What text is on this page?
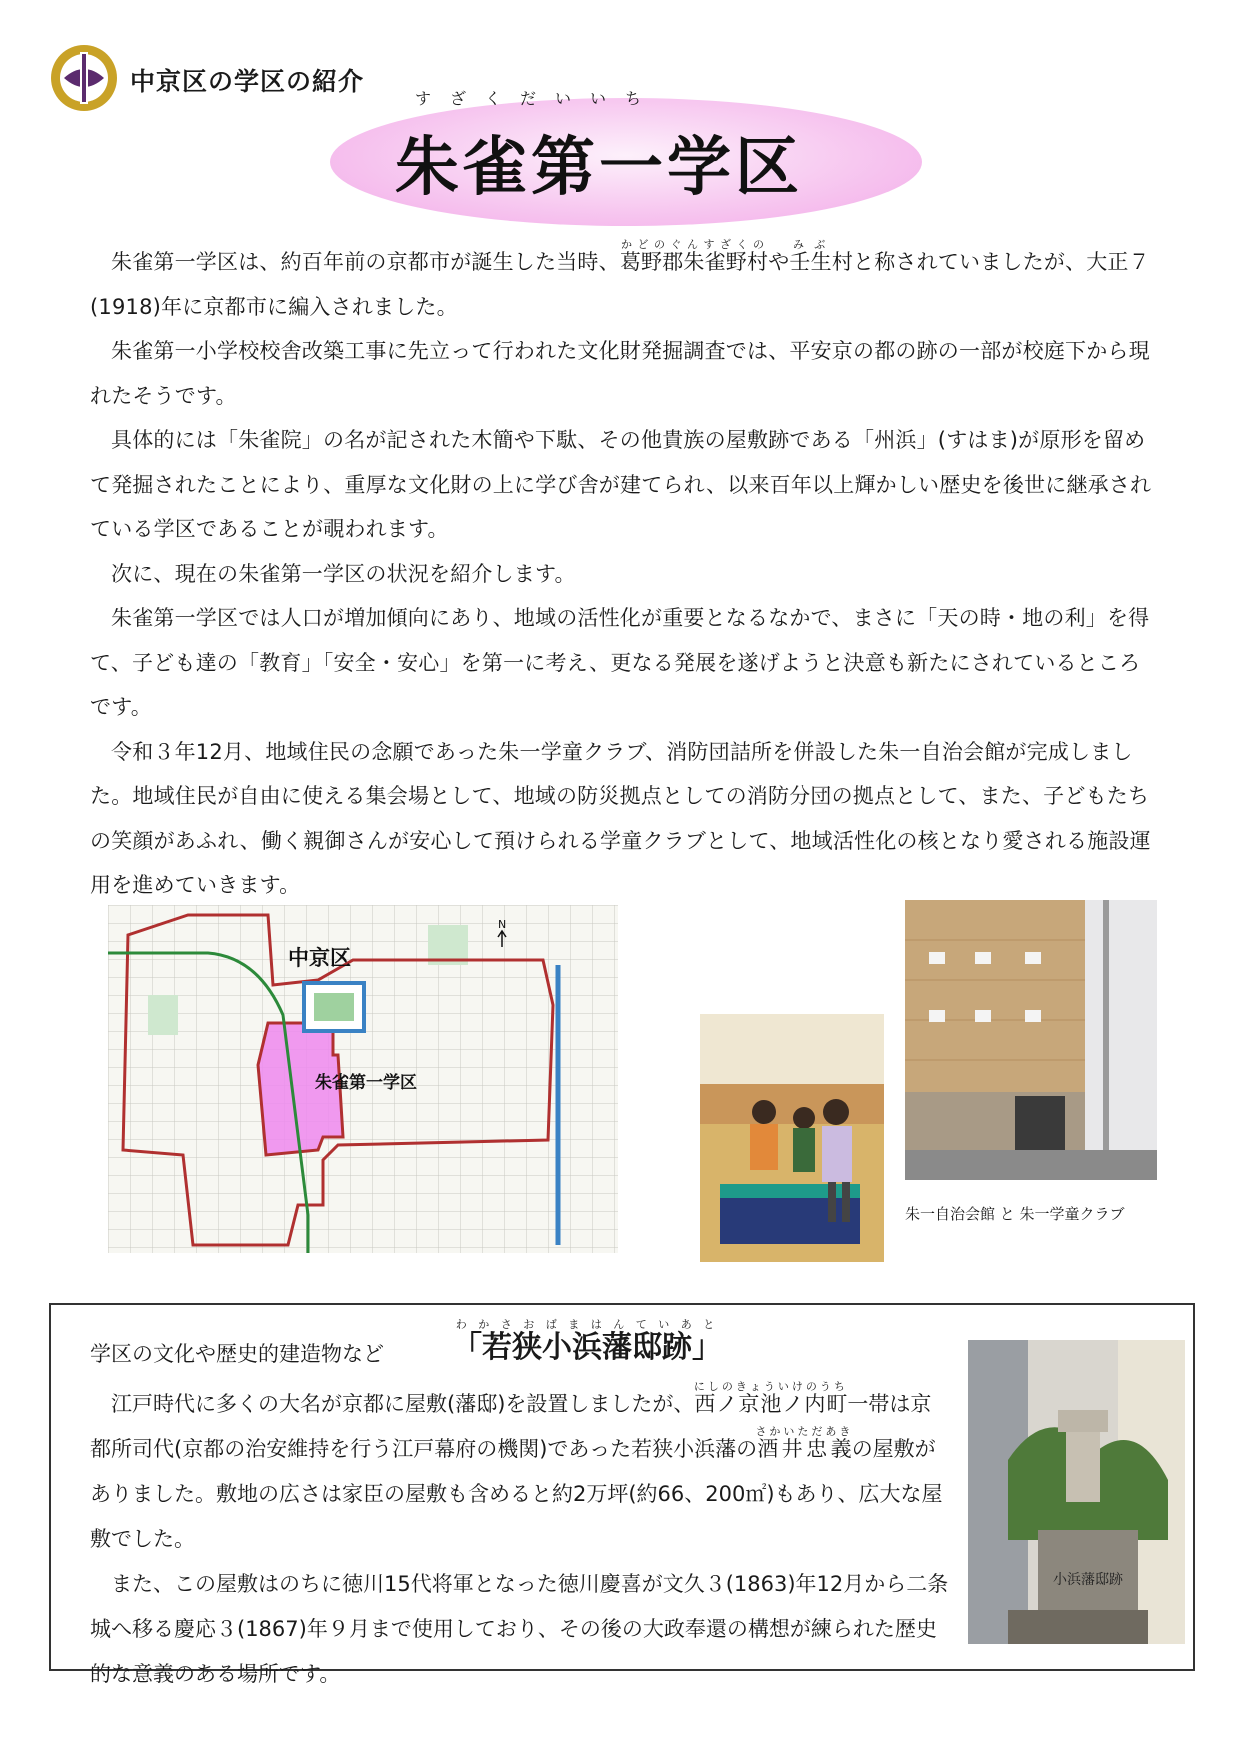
中京区の学区の紹介
すざくだいいち
朱雀第一学区

朱雀第一学区は、約百年前の京都市が誕生した当時、葛野郡朱雀野村かどのぐんすざくのや壬生みぶ村と称されていましたが、大正７(1918)年に京都市に編入されました。

朱雀第一小学校校舎改築工事に先立って行われた文化財発掘調査では、平安京の都の跡の一部が校庭下から現れたそうです。

具体的には「朱雀院」の名が記された木簡や下駄、その他貴族の屋敷跡である「州浜」(すはま)が原形を留めて発掘されたことにより、重厚な文化財の上に学び舎が建てられ、以来百年以上輝かしい歴史を後世に継承されている学区であることが覗われます。

次に、現在の朱雀第一学区の状況を紹介します。

朱雀第一学区では人口が増加傾向にあり、地域の活性化が重要となるなかで、まさに「天の時・地の利」を得て、子ども達の「教育」「安全・安心」を第一に考え、更なる発展を遂げようと決意も新たにされているところです。

令和３年12月、地域住民の念願であった朱一学童クラブ、消防団詰所を併設した朱一自治会館が完成しました。地域住民が自由に使える集会場として、地域の防災拠点としての消防分団の拠点として、また、子どもたちの笑顔があふれ、働く親御さんが安心して預けられる学童クラブとして、地域活性化の核となり愛される施設運用を進めていきます。

中京区
朱雀第一学区
N
朱一自治会館 と 朱一学童クラブ
学区の文化や歴史的建造物など 「若狭小浜藩邸跡」わかさおばまはんていあと

江戸時代に多くの大名が京都に屋敷(藩邸)を設置しましたが、西ノ京池ノ内町にしのきょういけのうち一帯は京都所司代(京都の治安維持を行う江戸幕府の機関)であった若狭小浜藩の酒井忠義さかいただあきの屋敷がありました。敷地の広さは家臣の屋敷も含めると約2万坪(約66、200㎡)もあり、広大な屋敷でした。

また、この屋敷はのちに徳川15代将軍となった徳川慶喜が文久３(1863)年12月から二条城へ移る慶応３(1867)年９月まで使用しており、その後の大政奉還の構想が練られた歴史的な意義のある場所です。

小浜藩邸跡
